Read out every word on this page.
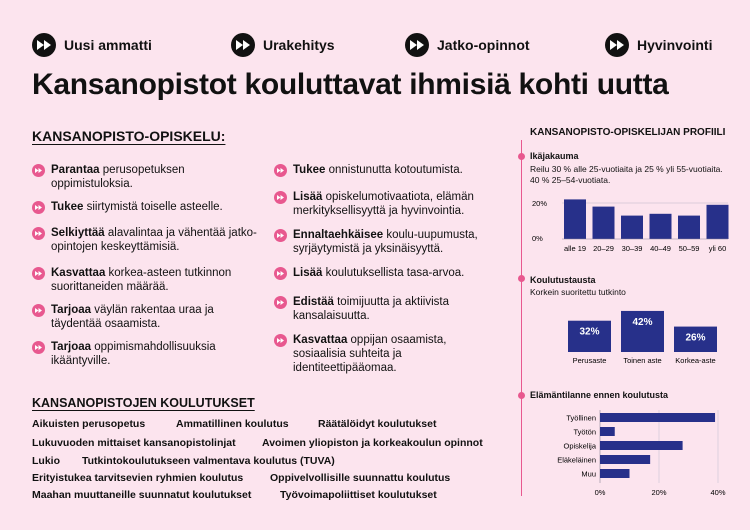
Uusi ammatti	Urakehitys	Jatko-opinnot	Hyvinvointi
Kansanopistot kouluttavat ihmisiä kohti uutta
KANSANOPISTO-OPISKELU:
Parantaa perusopetuksen oppimistuloksia.
Tukee siirtymistä toiselle asteelle.
Selkiyttää alavalintaa ja vähentää jatko-opintojen keskeyttämisiä.
Kasvattaa korkea-asteen tutkinnon suorittaneiden määrää.
Tarjoaa väylän rakentaa uraa ja täydentää osaamista.
Tarjoaa oppimismahdollisuuksia ikääntyville.
Tukee onnistunutta kotoutumista.
Lisää opiskelumotivaatiota, elämän merkityksellisyyttä ja hyvinvointia.
Ennaltaehkäisee koulu-uupumusta, syrjäytymistä ja yksinäisyyttä.
Lisää koulutuksellista tasa-arvoa.
Edistää toimijuutta ja aktiivista kansalaisuutta.
Kasvattaa oppijan osaamista, sosiaalisia suhteita ja identiteettipääomaa.
KANSANOPISTOJEN KOULUTUKSET
Aikuisten perusopetus	Ammatillinen koulutus	Räätälöidyt koulutukset
Lukuvuoden mittaiset kansanopistolinjat	Avoimen yliopiston ja korkeakoulun opinnot
Lukio Tutkintokoulutukseen valmentava koulutus (TUVA)
Erityistukea tarvitsevien ryhmien koulutus	Oppivelvollisille suunnattu koulutus
Maahan muuttaneille suunnatut koulutukset	Työvoimapoliittiset koulutukset
KANSANOPISTO-OPISKELIJAN PROFIILI
Ikäjakauma
Reilu 30 % alle 25-vuotiaita ja 25 % yli 55-vuotiaita. 40 % 25–54-vuotiata.
0%
20%
alle 19 20–29 30–39 40–49 50–59 yli 60
Koulutustausta
Korkein suoritettu tutkinto
32%
Perusaste
42%
Toinen aste
26%
Korkea-aste
Elämäntilanne ennen koulutusta
0%	20%	40%
Työllinen
Työtön
Opiskelija
Eläkeläinen
Muu
